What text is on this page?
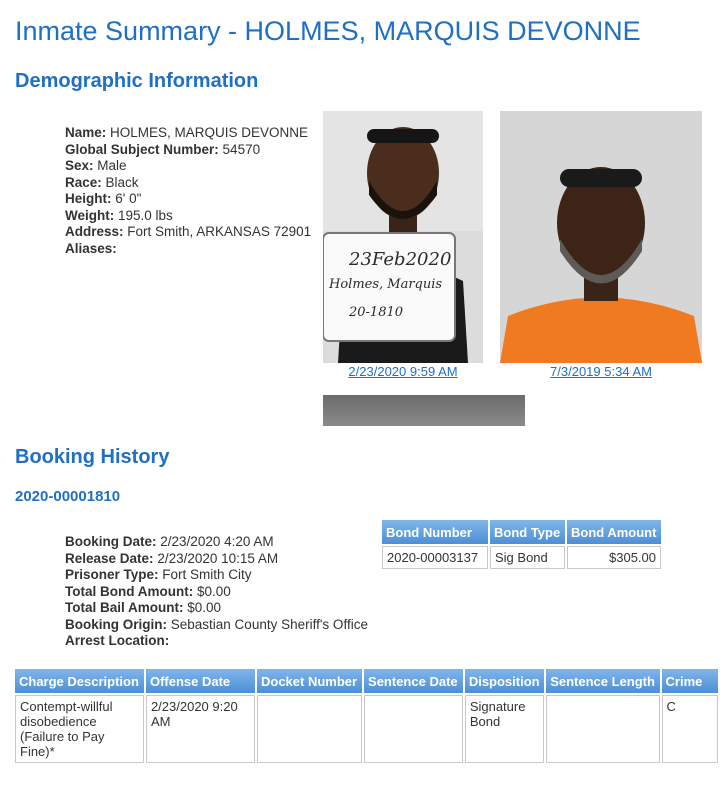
Inmate Summary - HOLMES, MARQUIS DEVONNE
Demographic Information
Name: HOLMES, MARQUIS DEVONNE
Global Subject Number: 54570
Sex: Male
Race: Black
Height: 6' 0"
Weight: 195.0 lbs
Address: Fort Smith, ARKANSAS 72901
Aliases:
23Feb2020
Holmes, Marquis
20-1810
2/23/2020 9:59 AM	7/3/2019 5:34 AM
Booking History
2020-00001810
Booking Date: 2/23/2020 4:20 AM
Release Date: 2/23/2020 10:15 AM
Prisoner Type: Fort Smith City
Total Bond Amount: $0.00
Total Bail Amount: $0.00
Booking Origin: Sebastian County Sheriff's Office
Arrest Location:
Bond Number	Bond Type	Bond Amount
2020-00003137	Sig Bond	$305.00
Charge Description	Offense Date	Docket Number	Sentence Date	Disposition	Sentence Length	Crime
Contempt-willful disobedience (Failure to Pay Fine)*	2/23/2020 9:20 AM			Signature Bond		C
